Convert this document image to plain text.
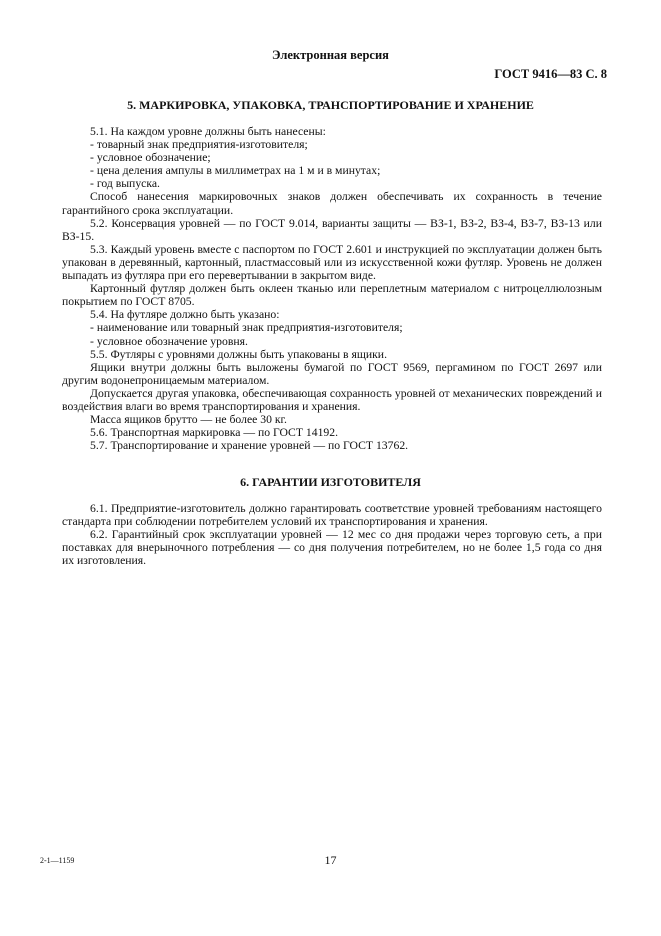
Электронная версия
ГОСТ 9416—83 С. 8
5. МАРКИРОВКА, УПАКОВКА, ТРАНСПОРТИРОВАНИЕ И ХРАНЕНИЕ
5.1. На каждом уровне должны быть нанесены:
- товарный знак предприятия-изготовителя;
- условное обозначение;
- цена деления ампулы в миллиметрах на 1 м и в минутах;
- год выпуска.
Способ нанесения маркировочных знаков должен обеспечивать их сохранность в течение гарантийного срока эксплуатации.
5.2. Консервация уровней — по ГОСТ 9.014, варианты защиты — ВЗ-1, ВЗ-2, ВЗ-4, ВЗ-7, ВЗ-13 или ВЗ-15.
5.3. Каждый уровень вместе с паспортом по ГОСТ 2.601 и инструкцией по эксплуатации должен быть упакован в деревянный, картонный, пластмассовый или из искусственной кожи футляр. Уровень не должен выпадать из футляра при его перевертывании в закрытом виде.
Картонный футляр должен быть оклеен тканью или переплетным материалом с нитроцеллюлозным покрытием по ГОСТ 8705.
5.4. На футляре должно быть указано:
- наименование или товарный знак предприятия-изготовителя;
- условное обозначение уровня.
5.5. Футляры с уровнями должны быть упакованы в ящики.
Ящики внутри должны быть выложены бумагой по ГОСТ 9569, пергамином по ГОСТ 2697 или другим водонепроницаемым материалом.
Допускается другая упаковка, обеспечивающая сохранность уровней от механических повреждений и воздействия влаги во время транспортирования и хранения.
Масса ящиков брутто — не более 30 кг.
5.6. Транспортная маркировка — по ГОСТ 14192.
5.7. Транспортирование и хранение уровней — по ГОСТ 13762.
6. ГАРАНТИИ ИЗГОТОВИТЕЛЯ
6.1. Предприятие-изготовитель должно гарантировать соответствие уровней требованиям настоящего стандарта при соблюдении потребителем условий их транспортирования и хранения.
6.2. Гарантийный срок эксплуатации уровней — 12 мес со дня продажи через торговую сеть, а при поставках для внерыночного потребления — со дня получения потребителем, но не более 1,5 года со дня их изготовления.
2-1—1159	17
